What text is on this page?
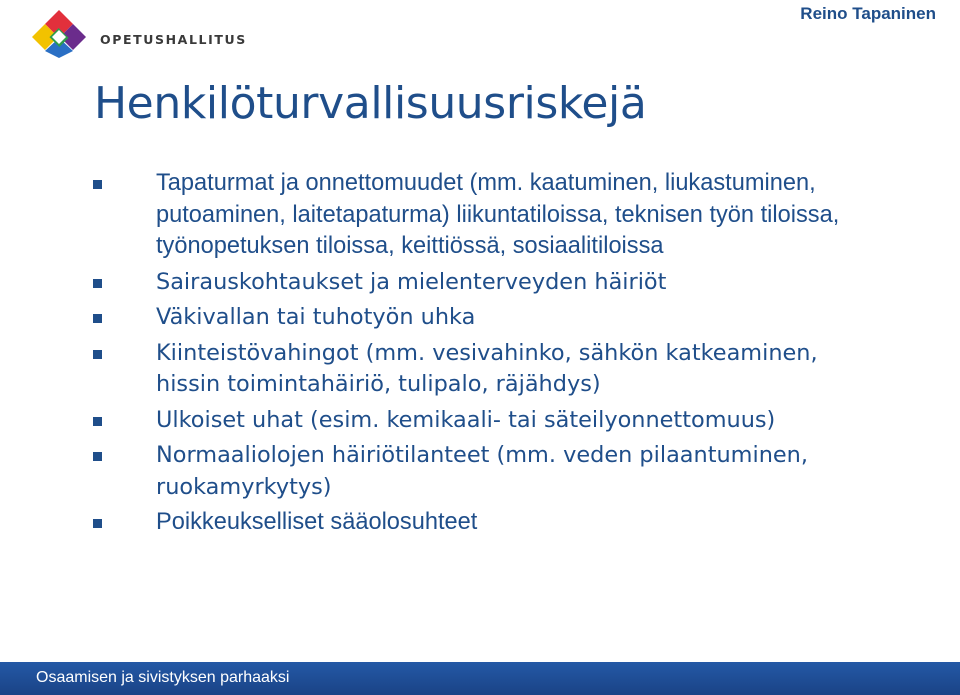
OPETUSHALLITUS
Reino Tapaninen
Henkilöturvallisuusriskejä
Tapaturmat ja onnettomuudet (mm. kaatuminen, liukastuminen, putoaminen, laitetapaturma) liikuntatiloissa, teknisen työn tiloissa, työnopetuksen tiloissa, keittiössä, sosiaalitiloissa
Sairauskohtaukset ja mielenterveyden häiriöt
Väkivallan tai tuhotyön uhka
Kiinteistövahingot (mm. vesivahinko, sähkön katkeaminen, hissin toimintahäiriö, tulipalo, räjähdys)
Ulkoiset uhat (esim. kemikaali- tai säteilyonnettomuus)
Normaaliolojen häiriötilanteet (mm. veden pilaantuminen, ruokamyrkytys)
Poikkeukselliset sääolosuhteet
Osaamisen ja sivistyksen parhaaksi
